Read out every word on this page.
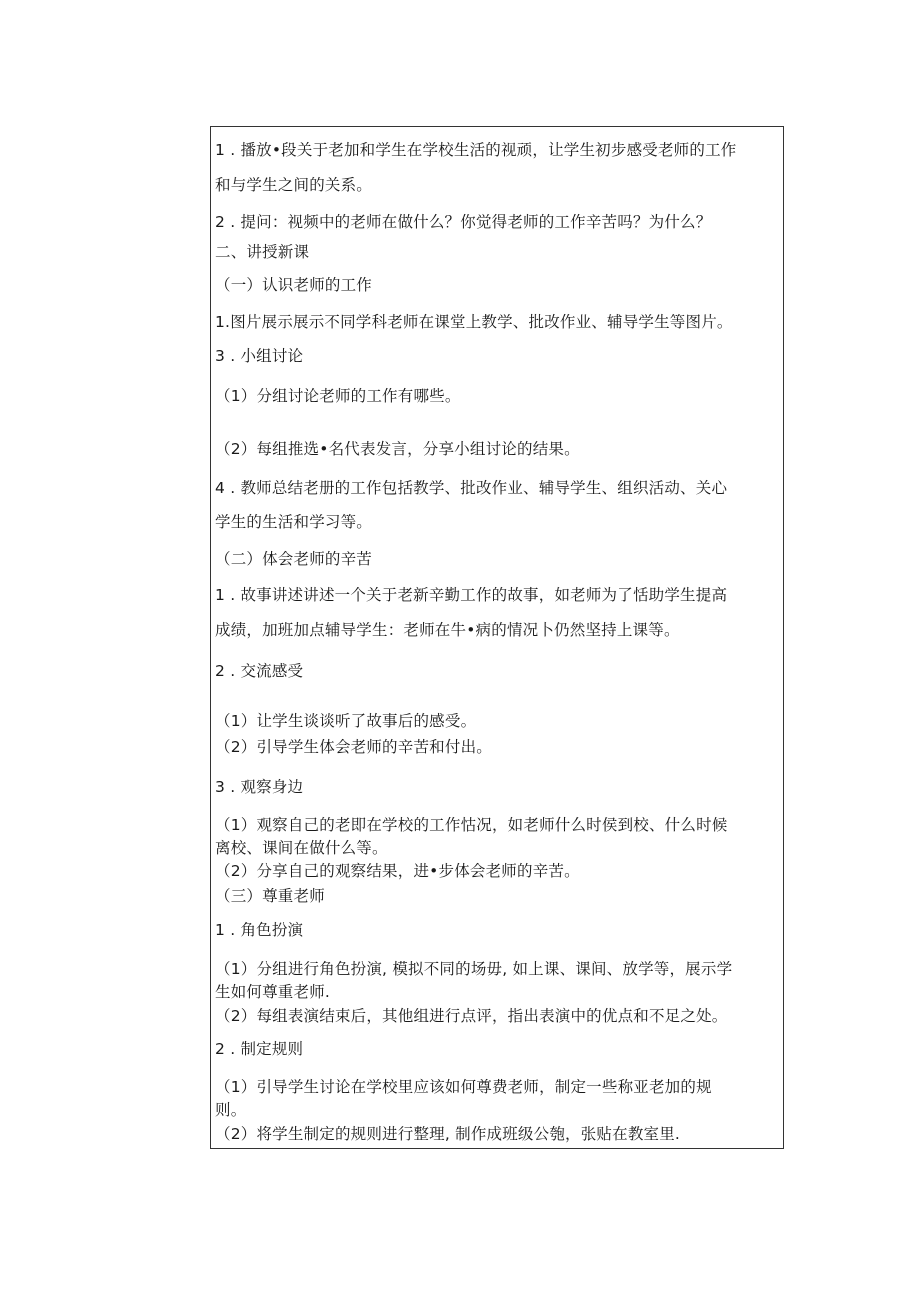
1 . 播放•段关于老加和学生在学校生活的视顽，让学生初步感受老师的工作
和与学生之间的关系。
2 . 提问：视频中的老师在做什么？你觉得老师的工作辛苦吗？为什么？
二、讲授新课
（一）认识老师的工作
1.图片展示展示不同学科老师在课堂上教学、批改作业、辅导学生等图片。
3 . 小组讨论
（1）分组讨论老师的工作有哪些。
（2）每组推选•名代表发言，分享小组讨论的结果。
4 . 教师总结老册的工作包括教学、批改作业、辅导学生、组织活动、关心
学生的生活和学习等。
（二）体会老师的辛苦
1 . 故事讲述讲述一个关于老新辛勤工作的故事，如老师为了恬助学生提高
成绩，加班加点辅导学生：老师在牛•病的情况卜仍然坚持上课等。
2 . 交流感受
（1）让学生谈谈听了故事后的感受。
（2）引导学生体会老师的辛苦和付出。
3 . 观察身边
（1）观察自己的老即在学校的工作怙况，如老师什么时侯到校、什么时候
离校、课间在做什么等。
（2）分享自己的观察结果，进•步体会老师的辛苦。
（三）尊重老师
1 . 角色扮演
（1）分组进行角色扮演, 模拟不同的场毋, 如上课、课间、放学等，展示学
生如何尊重老师.
（2）每组表演结束后，其他组进行点评，指出表演中的优点和不足之处。
2 . 制定规则
（1）引导学生讨论在学校里应该如何尊费老师，制定一些称亚老加的规
则。
（2）将学生制定的规则进行整理, 制作成班级公匏，张贴在教室里.
